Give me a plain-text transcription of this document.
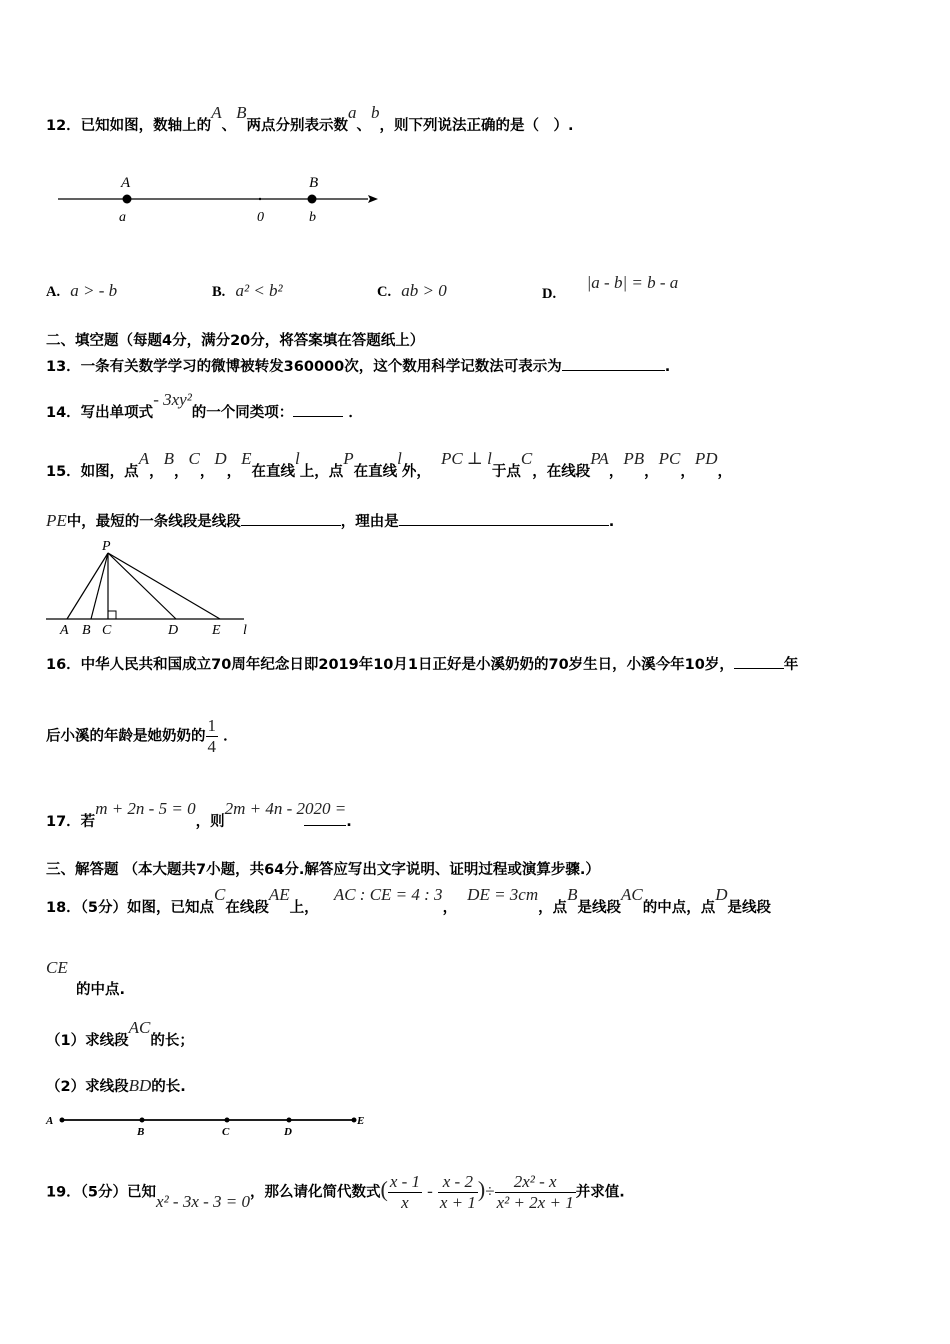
12．已知如图，数轴上的A、B两点分别表示数a、b，则下列说法正确的是（　）.
A	B
a	0	b
A. a > - b	B. a² < b²	C. ab > 0	D.      |a - b| = b - a
二、填空题（每题4分，满分20分，将答案填在答题纸上）
13．一条有关数学学习的微博被转发360000次，这个数用科学记数法可表示为	.
14．写出单项式- 3xy²的一个同类项：	．
15．如图，点A，B，C，D，E在直线l上，点P在直线l外，  PC ⊥ l于点C，在线段PA，PB，PC，PD，
PE中，最短的一条线段是线段	，理由是	.
P
A B C	D E l
16．中华人民共和国成立70周年纪念日即2019年10月1日正好是小溪奶奶的70岁生日，小溪今年10岁，	年
后小溪的年龄是她奶奶的 $\frac{1}{4}$ ．
17．若m + 2n - 5 = 0，则2m + 4n - 2020 =.
三、解答题 （本大题共7小题，共64分.解答应写出文字说明、证明过程或演算步骤.）
18．（5分）如图，已知点C在线段AE上，   AC : CE = 4 : 3，  DE = 3cm，点B是线段AC的中点，点D是线段
CE
的中点.
（1）求线段AC的长；
（2）求线段BD的长.
A
B	C	D
E
19．（5分）已知x² - 3x - 3 = 0，那么请化简代数式( $\frac{x - 1}{x} - \frac{x - 2}{x + 1}$ )÷ $\frac{\text{2x² - x}}{\text{x² + 2x + 1}}$ 并求值.
